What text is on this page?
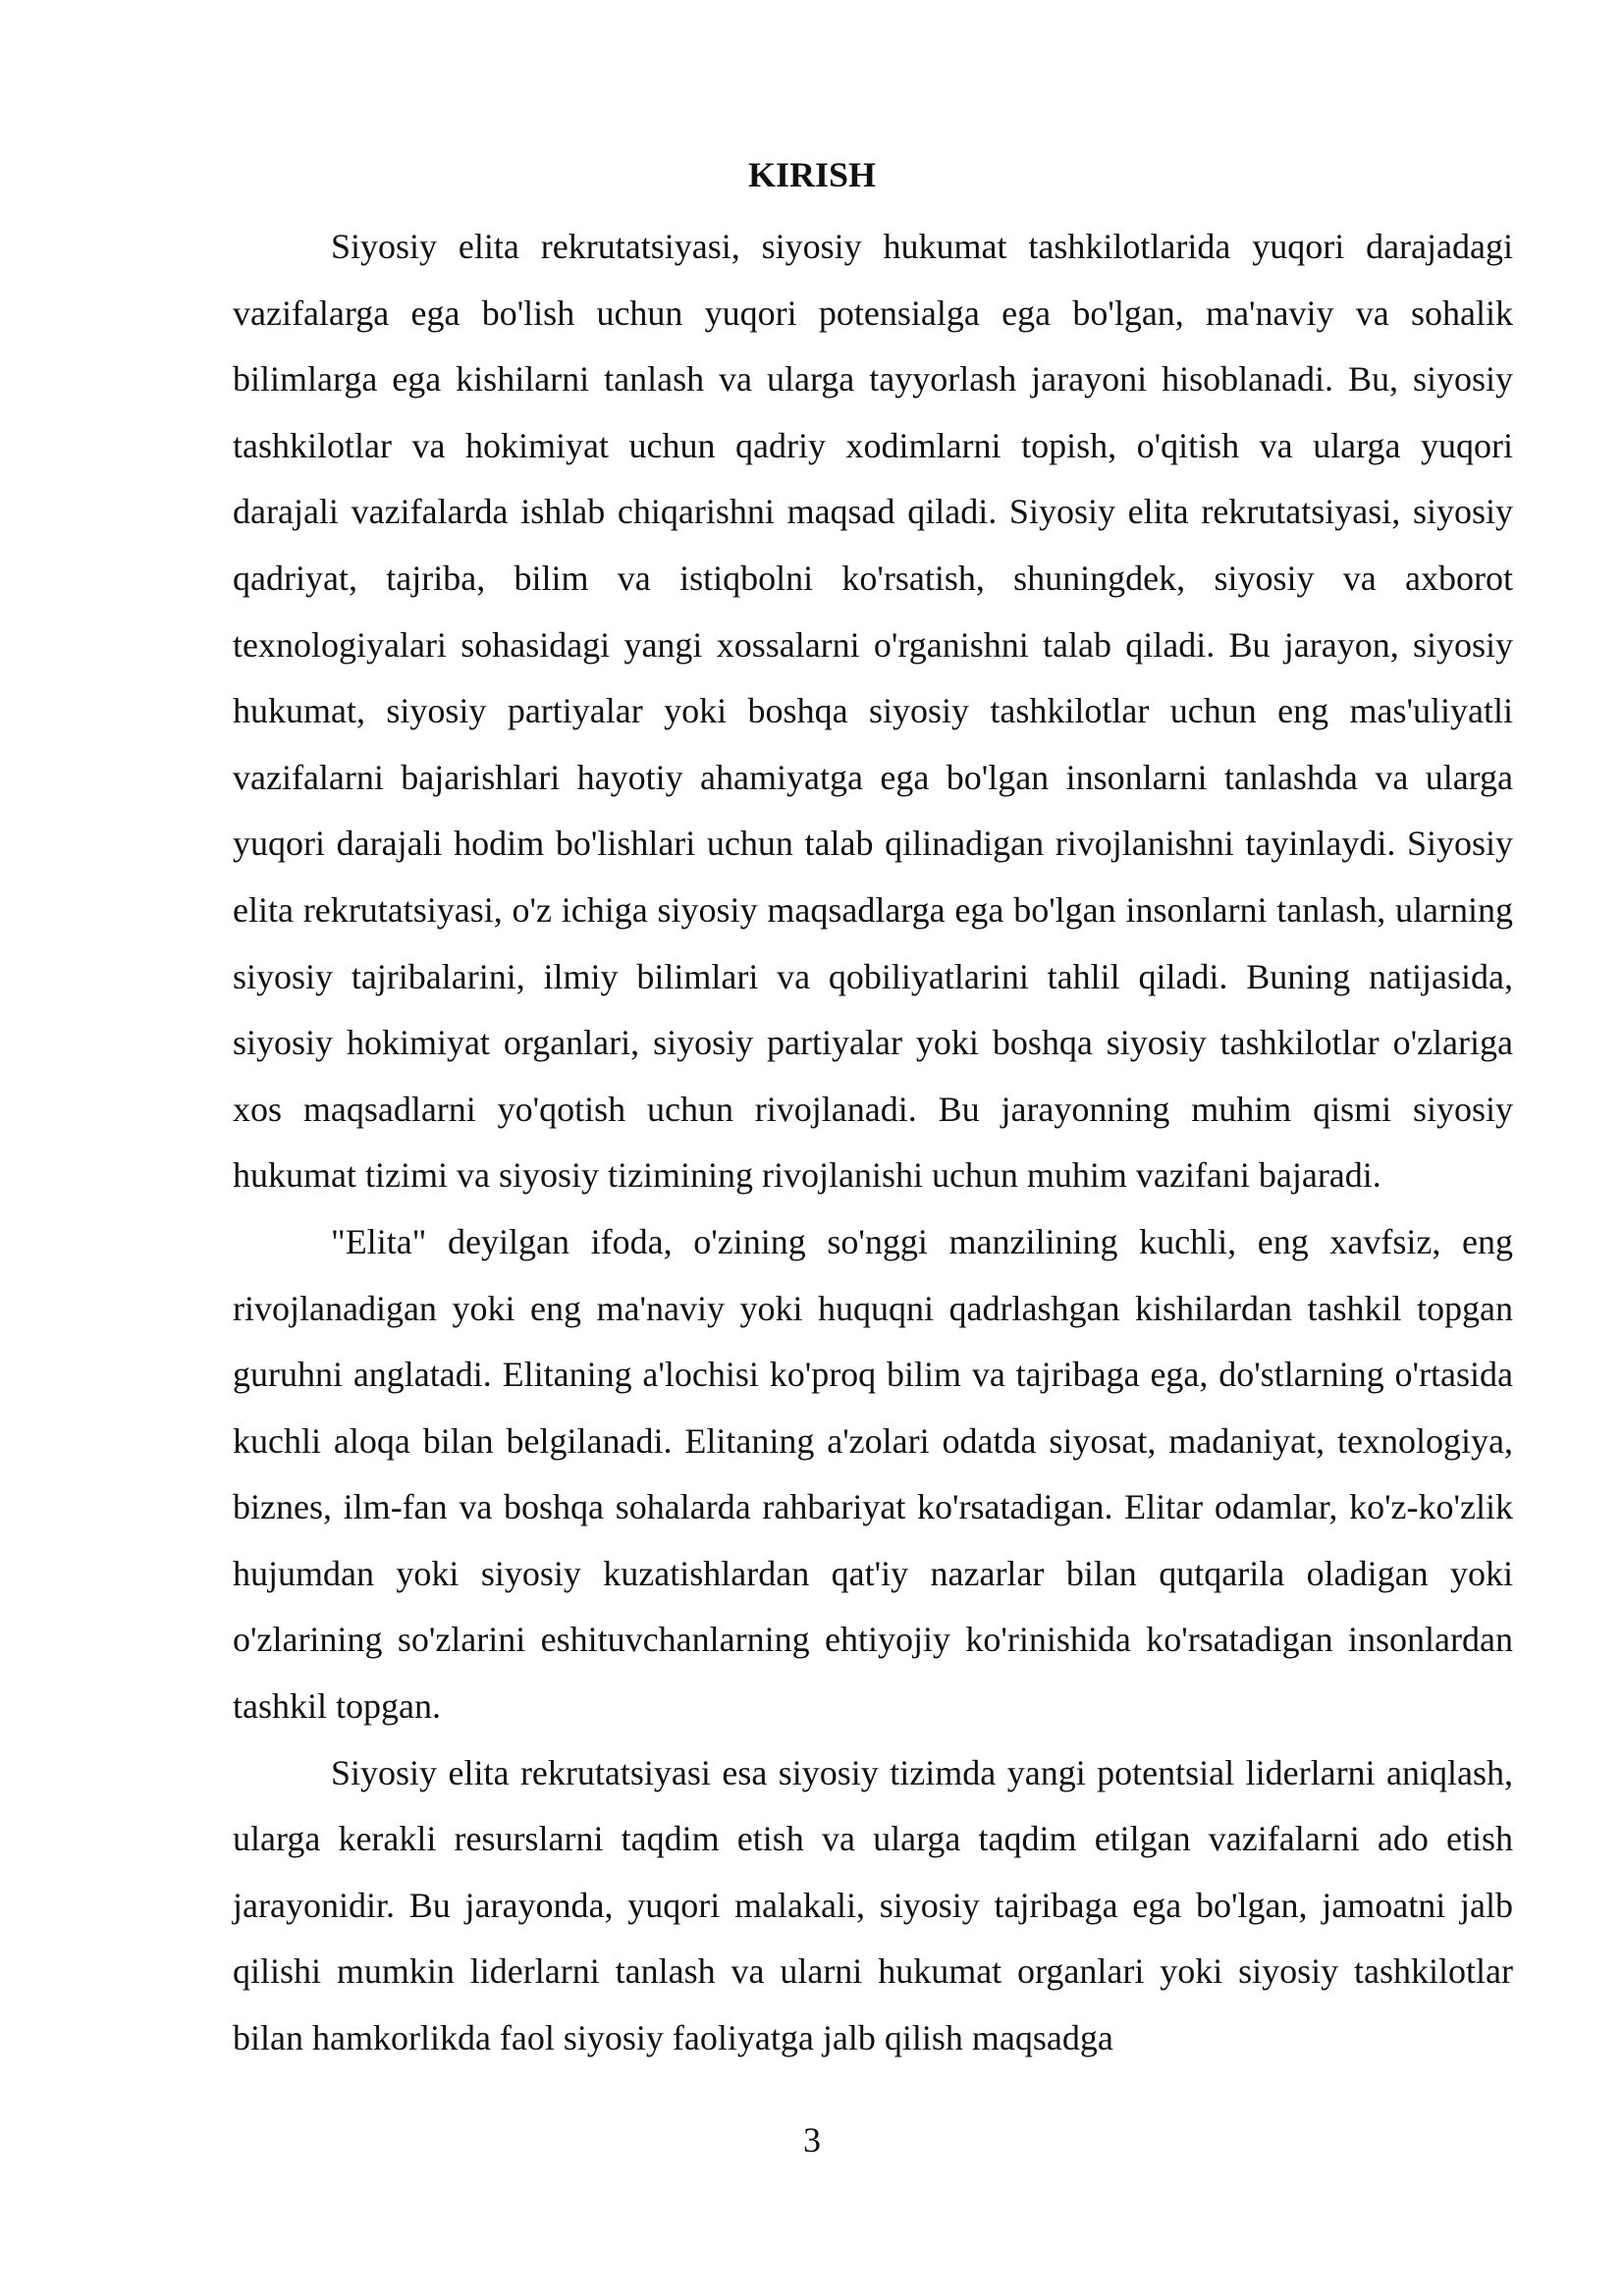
KIRISH

Siyosiy elita rekrutatsiyasi, siyosiy hukumat tashkilotlarida yuqori darajadagi vazifalarga ega bo'lish uchun yuqori potensialga ega bo'lgan, ma'naviy va sohalik bilimlarga ega kishilarni tanlash va ularga tayyorlash jarayoni hisoblanadi. Bu, siyosiy tashkilotlar va hokimiyat uchun qadriy xodimlarni topish, o'qitish va ularga yuqori darajali vazifalarda ishlab chiqarishni maqsad qiladi. Siyosiy elita rekrutatsiyasi, siyosiy qadriyat, tajriba, bilim va istiqbolni ko'rsatish, shuningdek, siyosiy va axborot texnologiyalari sohasidagi yangi xossalarni o'rganishni talab qiladi. Bu jarayon, siyosiy hukumat, siyosiy partiyalar yoki boshqa siyosiy tashkilotlar uchun eng mas'uliyatli vazifalarni bajarishlari hayotiy ahamiyatga ega bo'lgan insonlarni tanlashda va ularga yuqori darajali hodim bo'lishlari uchun talab qilinadigan rivojlanishni tayinlaydi. Siyosiy elita rekrutatsiyasi, o'z ichiga siyosiy maqsadlarga ega bo'lgan insonlarni tanlash, ularning siyosiy tajribalarini, ilmiy bilimlari va qobiliyatlarini tahlil qiladi. Buning natijasida, siyosiy hokimiyat organlari, siyosiy partiyalar yoki boshqa siyosiy tashkilotlar o'zlariga xos maqsadlarni yo'qotish uchun rivojlanadi. Bu jarayonning muhim qismi siyosiy hukumat tizimi va siyosiy tizimining rivojlanishi uchun muhim vazifani bajaradi.

"Elita" deyilgan ifoda, o'zining so'nggi manzilining kuchli, eng xavfsiz, eng rivojlanadigan yoki eng ma'naviy yoki huquqni qadrlashgan kishilardan tashkil topgan guruhni anglatadi. Elitaning a'lochisi ko'proq bilim va tajribaga ega, do'stlarning o'rtasida kuchli aloqa bilan belgilanadi. Elitaning a'zolari odatda siyosat, madaniyat, texnologiya, biznes, ilm-fan va boshqa sohalarda rahbariyat ko'rsatadigan. Elitar odamlar, ko'z-ko'zlik hujumdan yoki siyosiy kuzatishlardan qat'iy nazarlar bilan qutqarila oladigan yoki o'zlarining so'zlarini eshituvchanlarning ehtiyojiy ko'rinishida ko'rsatadigan insonlardan tashkil topgan.

Siyosiy elita rekrutatsiyasi esa siyosiy tizimda yangi potentsial liderlarni aniqlash, ularga kerakli resurslarni taqdim etish va ularga taqdim etilgan vazifalarni ado etish jarayonidir. Bu jarayonda, yuqori malakali, siyosiy tajribaga ega bo'lgan, jamoatni jalb qilishi mumkin liderlarni tanlash va ularni hukumat organlari yoki siyosiy tashkilotlar bilan hamkorlikda faol siyosiy faoliyatga jalb qilish maqsadga

3
